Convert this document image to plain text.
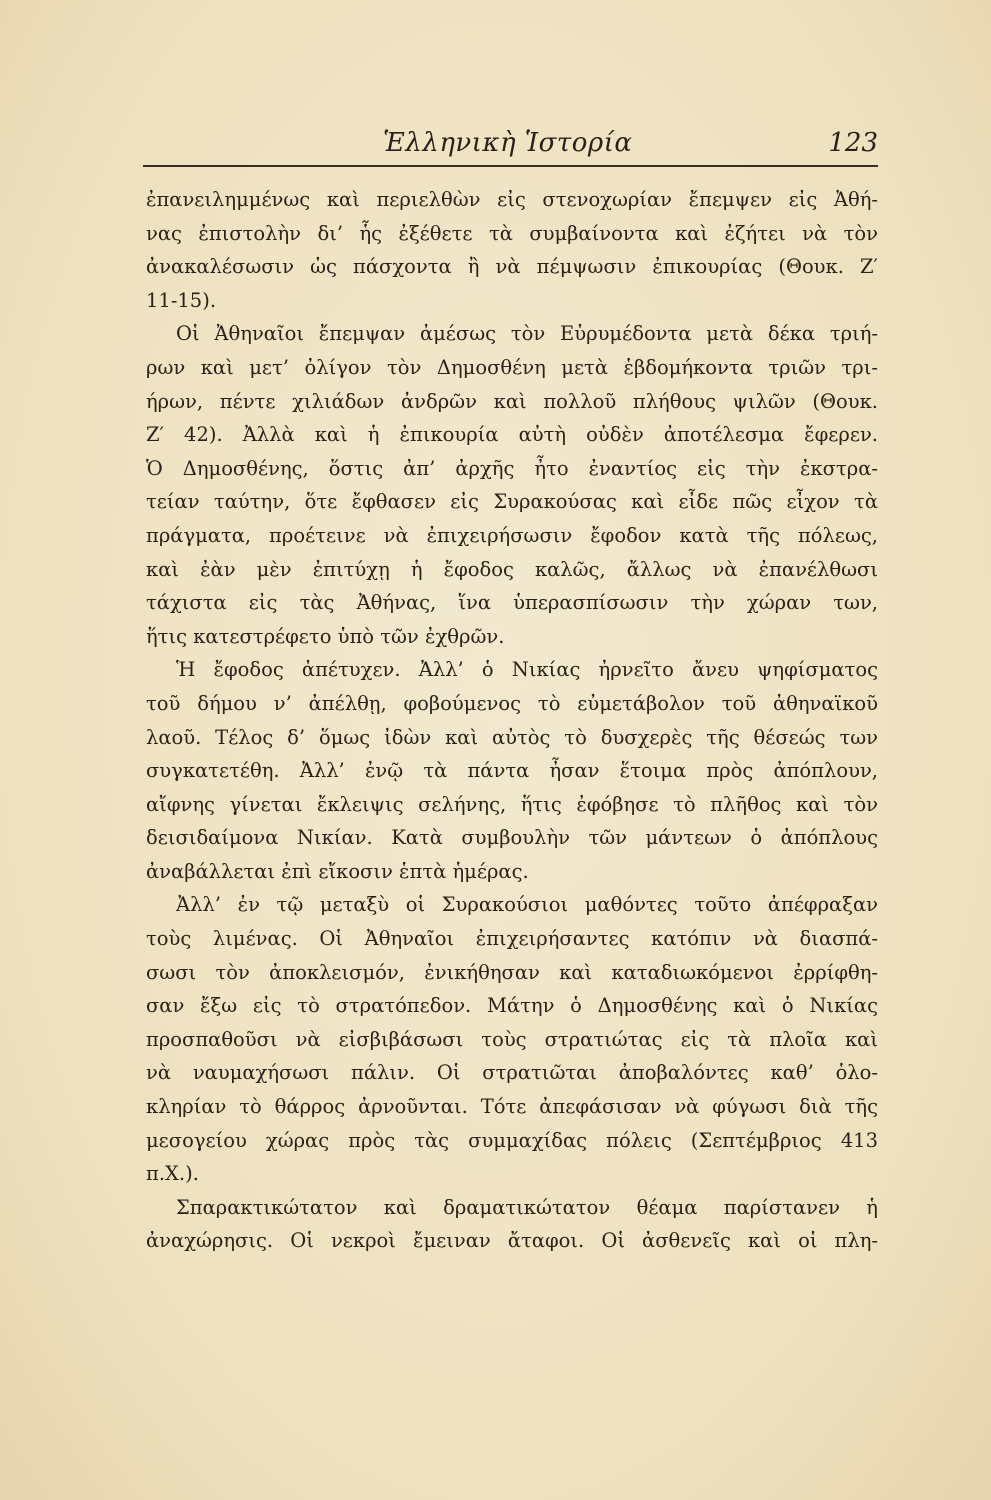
Ἑλληνικὴ Ἱστορία	123
ἐπανειλημμένως καὶ περιελθὼν εἰς στενοχωρίαν ἔπεμψεν εἰς Ἀθή-
νας ἐπιστολὴν δι’ ἧς ἐξέθετε τὰ συμβαίνοντα καὶ ἐζήτει νὰ τὸν
ἀνακαλέσωσιν ὡς πάσχοντα ἢ νὰ πέμψωσιν ἐπικουρίας (Θουκ. Ζ′
11-15).
Οἱ Ἀθηναῖοι ἔπεμψαν ἀμέσως τὸν Εὐρυμέδοντα μετὰ δέκα τριή-
ρων καὶ μετ’ ὀλίγον τὸν Δημοσθένη μετὰ ἑβδομήκοντα τριῶν τρι-
ήρων, πέντε χιλιάδων ἀνδρῶν καὶ πολλοῦ πλήθους ψιλῶν (Θουκ.
Ζ′ 42). Ἀλλὰ καὶ ἡ ἐπικουρία αὐτὴ οὐδὲν ἀποτέλεσμα ἔφερεν.
Ὁ Δημοσθένης, ὅστις ἀπ’ ἀρχῆς ἦτο ἐναντίος εἰς τὴν ἐκστρα-
τείαν ταύτην, ὅτε ἔφθασεν εἰς Συρακούσας καὶ εἶδε πῶς εἶχον τὰ
πράγματα, προέτεινε νὰ ἐπιχειρήσωσιν ἔφοδον κατὰ τῆς πόλεως,
καὶ ἐὰν μὲν ἐπιτύχῃ ἡ ἔφοδος καλῶς, ἄλλως νὰ ἐπανέλθωσι
τάχιστα εἰς τὰς Ἀθήνας, ἵνα ὑπερασπίσωσιν τὴν χώραν των,
ἥτις κατεστρέφετο ὑπὸ τῶν ἐχθρῶν.
Ἡ ἔφοδος ἀπέτυχεν. Ἀλλ’ ὁ Νικίας ἠρνεῖτο ἄνευ ψηφίσματος
τοῦ δήμου ν’ ἀπέλθῃ, φοβούμενος τὸ εὐμετάβολον τοῦ ἀθηναϊκοῦ
λαοῦ. Τέλος δ’ ὅμως ἰδὼν καὶ αὐτὸς τὸ δυσχερὲς τῆς θέσεώς των
συγκατετέθη. Ἀλλ’ ἐνῷ τὰ πάντα ἦσαν ἕτοιμα πρὸς ἀπόπλουν,
αἴφνης γίνεται ἔκλειψις σελήνης, ἥτις ἐφόβησε τὸ πλῆθος καὶ τὸν
δεισιδαίμονα Νικίαν. Κατὰ συμβουλὴν τῶν μάντεων ὁ ἀπόπλους
ἀναβάλλεται ἐπὶ εἴκοσιν ἑπτὰ ἡμέρας.
Ἀλλ’ ἐν τῷ μεταξὺ οἱ Συρακούσιοι μαθόντες τοῦτο ἀπέφραξαν
τοὺς λιμένας. Οἱ Ἀθηναῖοι ἐπιχειρήσαντες κατόπιν νὰ διασπά-
σωσι τὸν ἀποκλεισμόν, ἐνικήθησαν καὶ καταδιωκόμενοι ἐρρίφθη-
σαν ἔξω εἰς τὸ στρατόπεδον. Μάτην ὁ Δημοσθένης καὶ ὁ Νικίας
προσπαθοῦσι νὰ εἰσβιβάσωσι τοὺς στρατιώτας εἰς τὰ πλοῖα καὶ
νὰ ναυμαχήσωσι πάλιν. Οἱ στρατιῶται ἀποβαλόντες καθ’ ὁλο-
κληρίαν τὸ θάρρος ἀρνοῦνται. Τότε ἀπεφάσισαν νὰ φύγωσι διὰ τῆς
μεσογείου χώρας πρὸς τὰς συμμαχίδας πόλεις (Σεπτέμβριος 413
π.Χ.).
Σπαρακτικώτατον καὶ δραματικώτατον θέαμα παρίστανεν ἡ
ἀναχώρησις. Οἱ νεκροὶ ἔμειναν ἄταφοι. Οἱ ἀσθενεῖς καὶ οἱ πλη-
